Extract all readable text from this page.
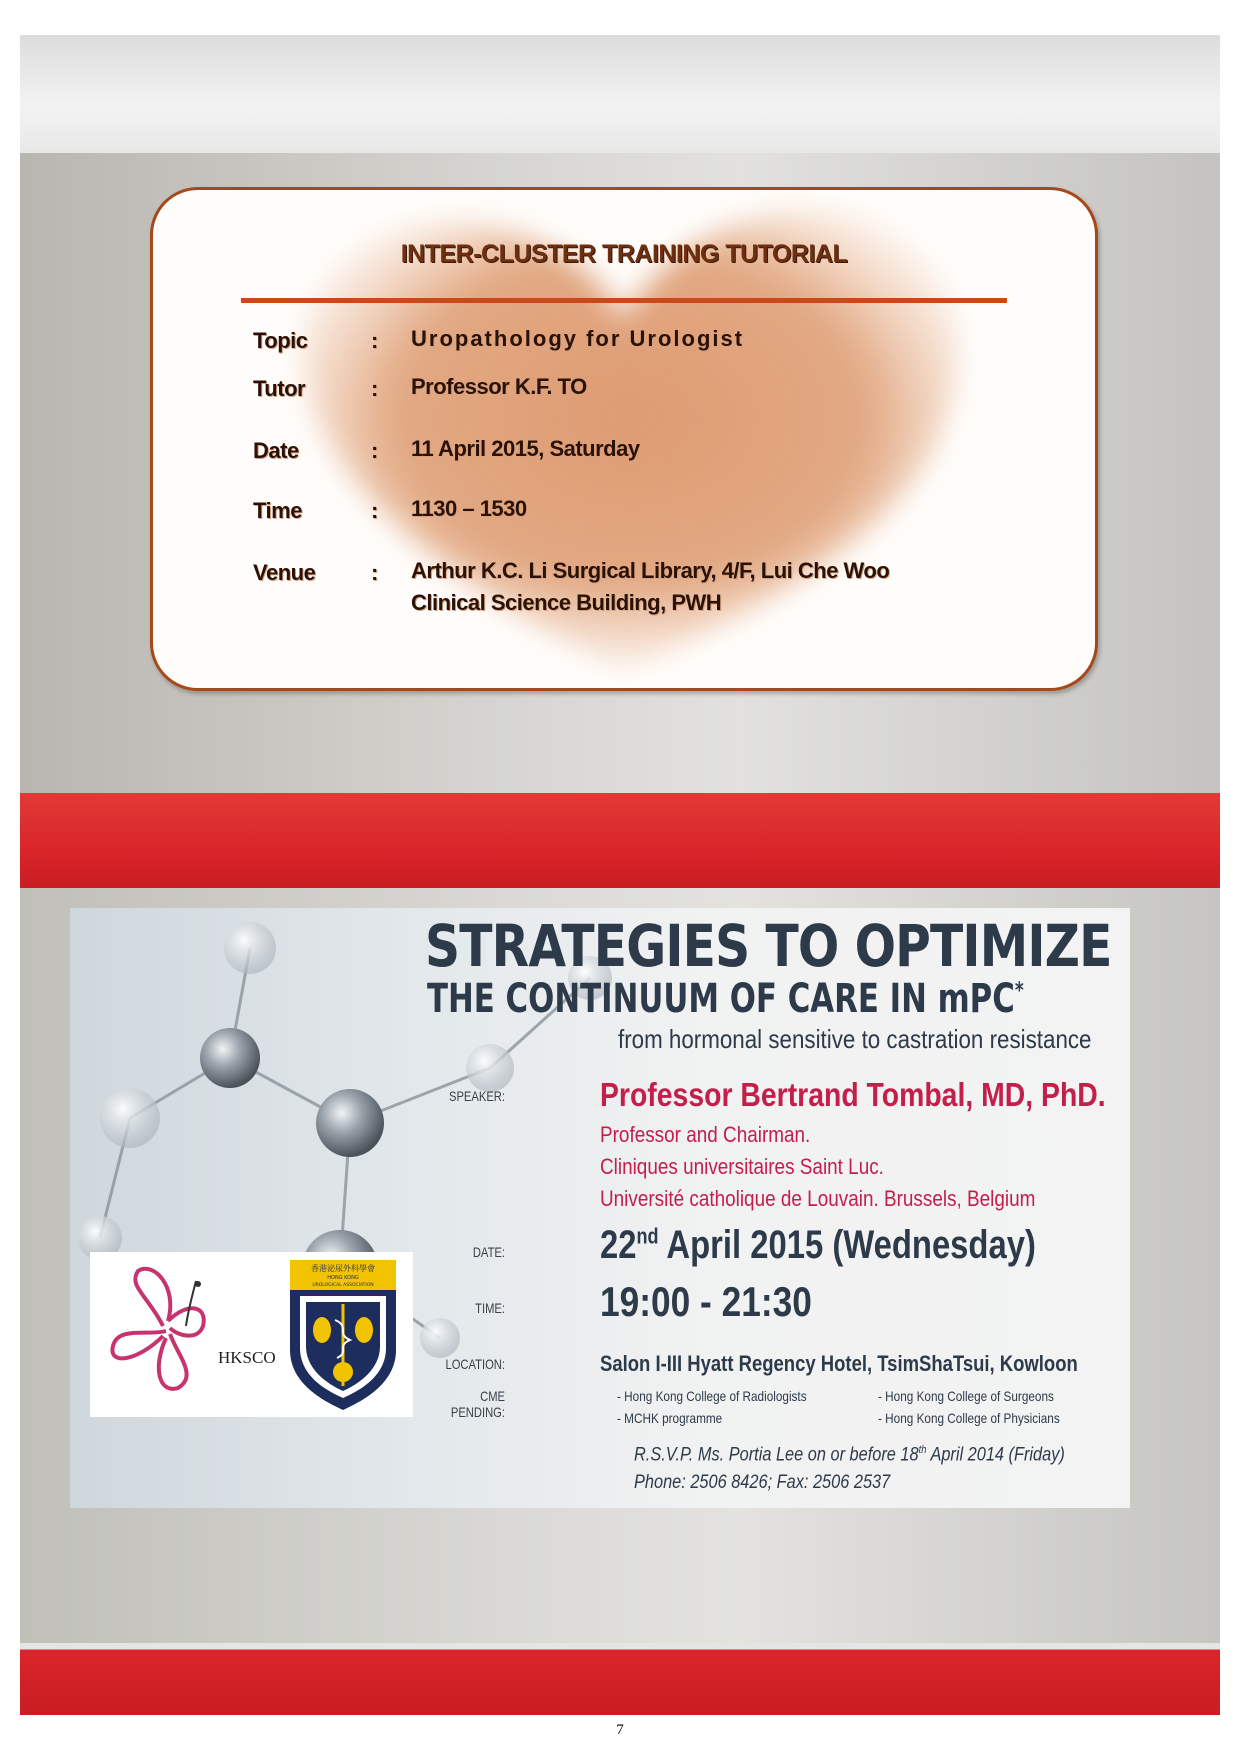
INTER-CLUSTER TRAINING TUTORIAL
Topic	: Uropathology for Urologist
Tutor	: Professor K.F. TO
Date	: 11 April 2015, Saturday
Time	: 1130 – 1530
Venue	: Arthur K.C. Li Surgical Library, 4/F, Lui Che Woo
Clinical Science Building, PWH
STRATEGIES TO OPTIMIZE
THE CONTINUUM OF CARE IN mPC*
from hormonal sensitive to castration resistance
SPEAKER:	Professor Bertrand Tombal, MD, PhD.
Professor and Chairman.
Cliniques universitaires Saint Luc.
Université catholique de Louvain. Brussels, Belgium
DATE: 22nd April 2015 (Wednesday)
TIME: 19:00 - 21:30
LOCATION:	Salon I-III Hyatt Regency Hotel, TsimShaTsui, Kowloon
CME PENDING:
- Hong Kong College of Radiologists	- Hong Kong College of Surgeons
- MCHK programme	- Hong Kong College of Physicians
R.S.V.P. Ms. Portia Lee on or before 18th April 2014 (Friday)
Phone: 2506 8426; Fax: 2506 2537
HKSCO
香港泌尿外科學會
HONG KONG
UROLOGICAL ASSOCIATION
7
